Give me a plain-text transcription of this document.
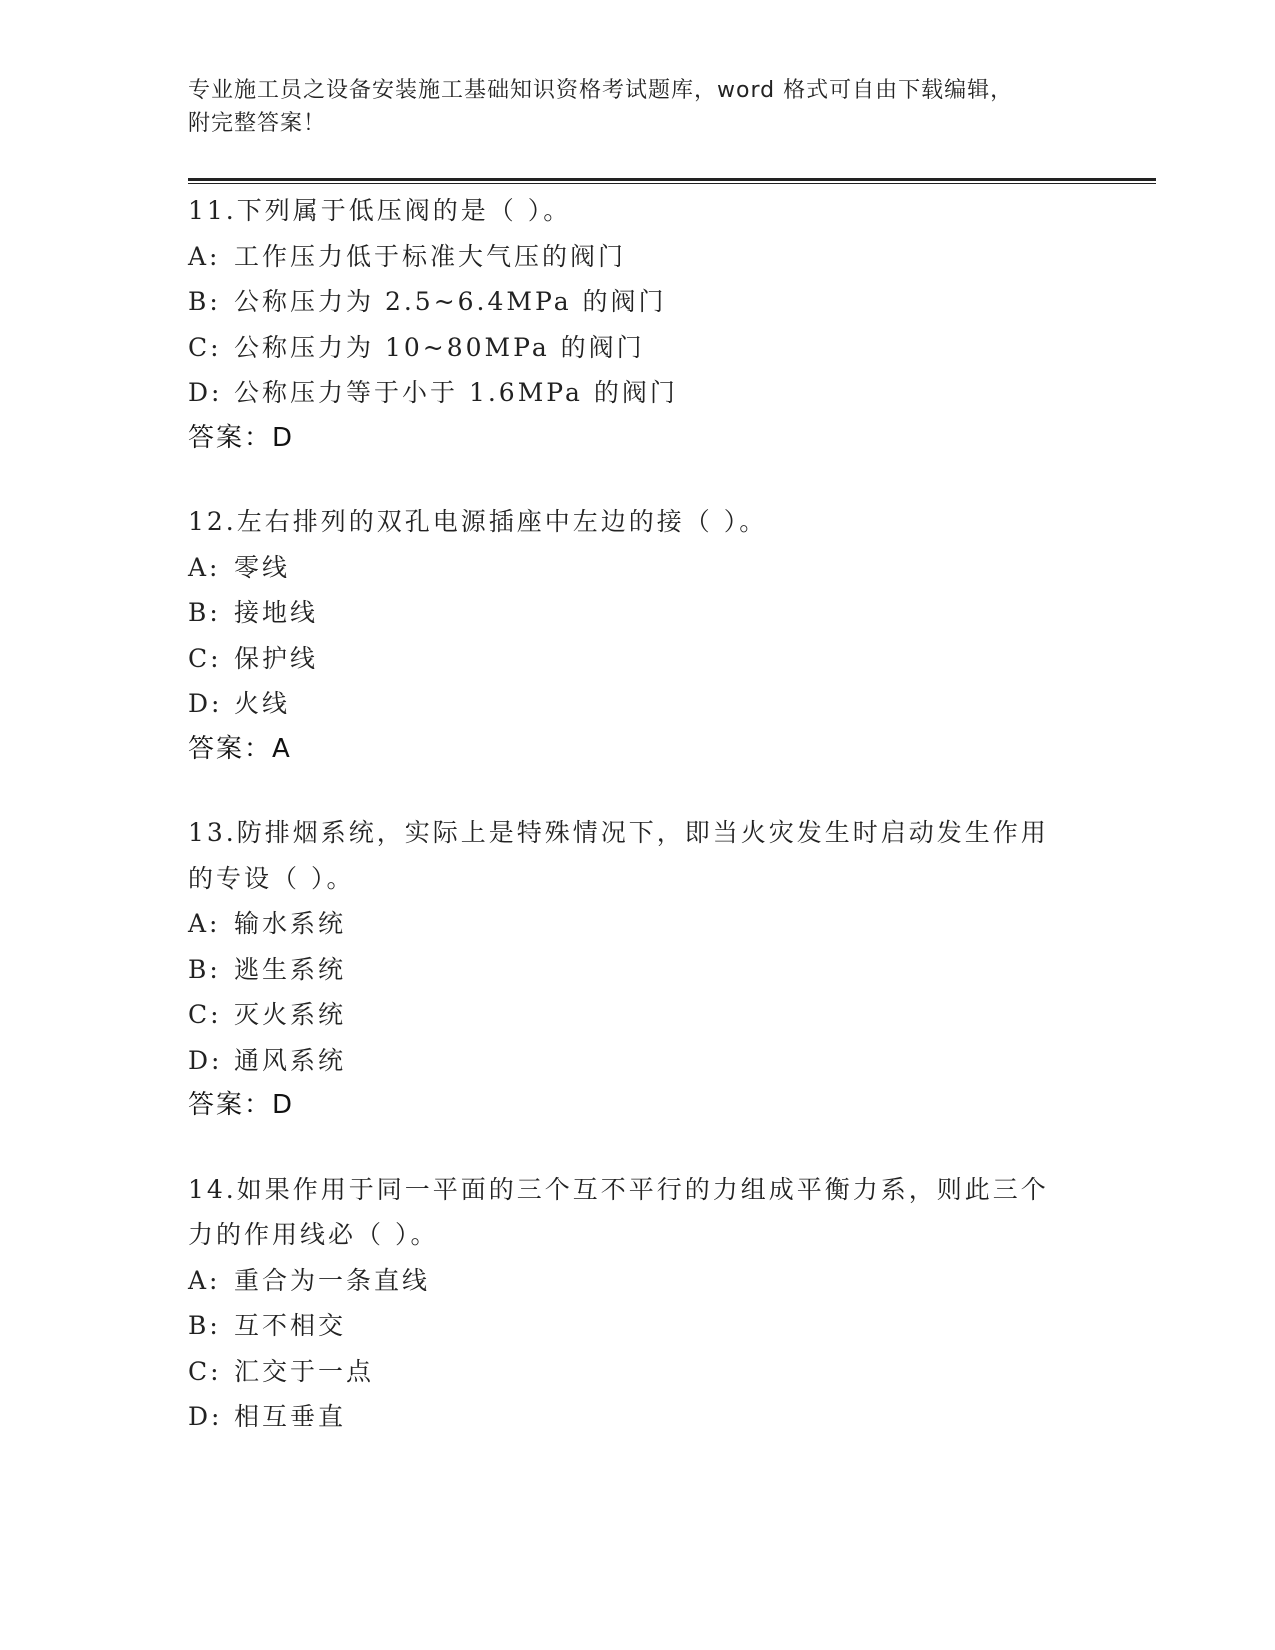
专业施工员之设备安装施工基础知识资格考试题库，word 格式可自由下载编辑，
附完整答案！
11.下列属于低压阀的是（ ）。
A: 工作压力低于标准大气压的阀门
B: 公称压力为 2.5~6.4MPa 的阀门
C: 公称压力为 10~80MPa 的阀门
D: 公称压力等于小于 1.6MPa 的阀门
答案：D
12.左右排列的双孔电源插座中左边的接（ ）。
A: 零线
B: 接地线
C: 保护线
D: 火线
答案：A
13.防排烟系统，实际上是特殊情况下，即当火灾发生时启动发生作用
的专设（ ）。
A: 输水系统
B: 逃生系统
C: 灭火系统
D: 通风系统
答案：D
14.如果作用于同一平面的三个互不平行的力组成平衡力系，则此三个
力的作用线必（ ）。
A: 重合为一条直线
B: 互不相交
C: 汇交于一点
D: 相互垂直
